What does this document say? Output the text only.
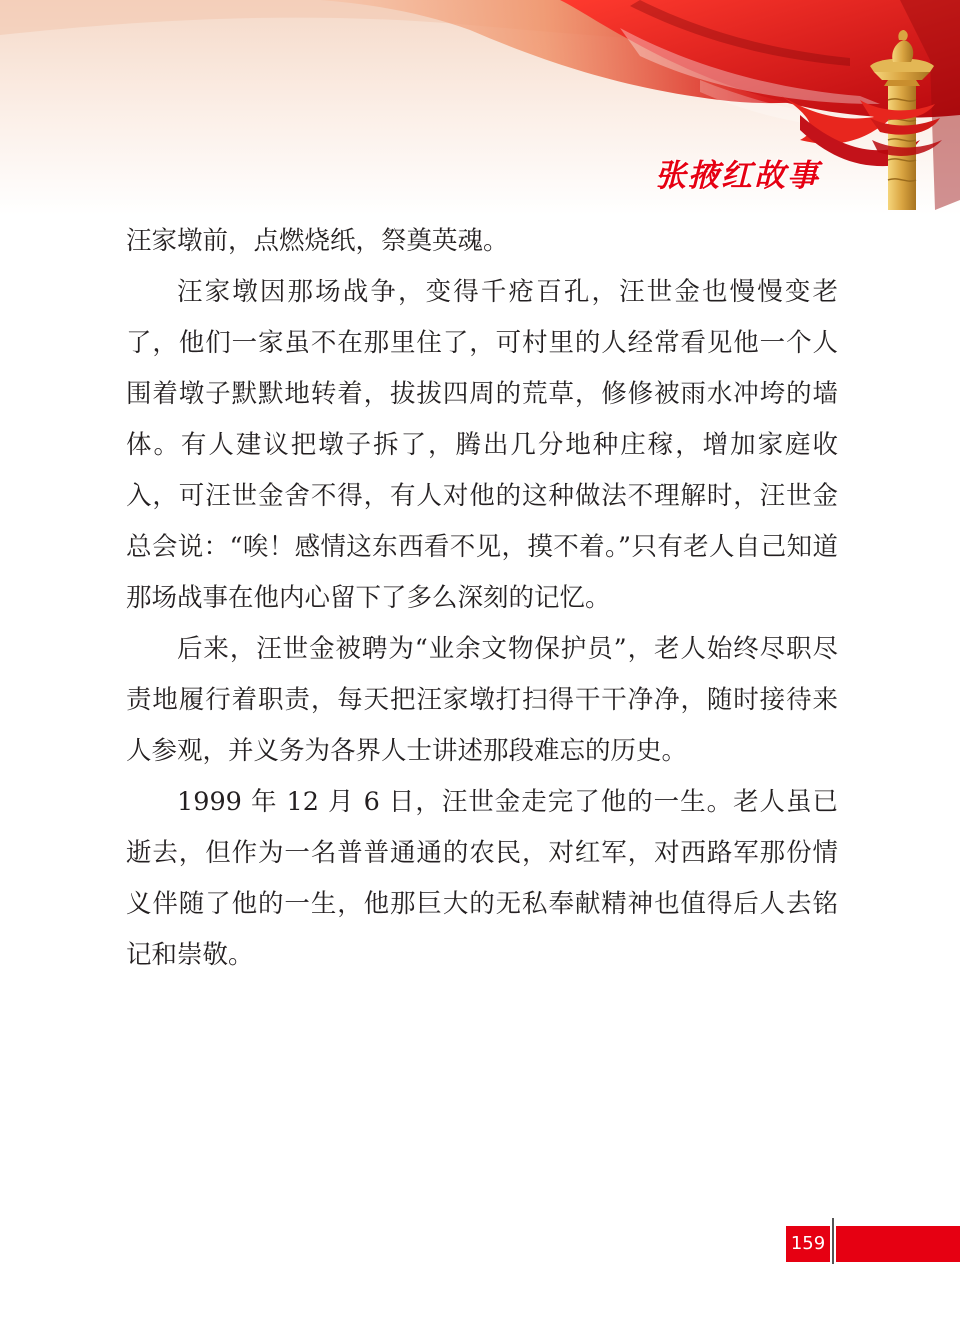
张掖红故事

汪家墩前，点燃烧纸，祭奠英魂。

汪家墩因那场战争，变得千疮百孔，汪世金也慢慢变老了，他们一家虽不在那里住了，可村里的人经常看见他一个人围着墩子默默地转着，拔拔四周的荒草，修修被雨水冲垮的墙体。有人建议把墩子拆了，腾出几分地种庄稼，增加家庭收入，可汪世金舍不得，有人对他的这种做法不理解时，汪世金总会说：“唉！感情这东西看不见，摸不着。”只有老人自己知道那场战事在他内心留下了多么深刻的记忆。

后来，汪世金被聘为“业余文物保护员”，老人始终尽职尽责地履行着职责，每天把汪家墩打扫得干干净净，随时接待来人参观，并义务为各界人士讲述那段难忘的历史。

1999 年 12 月 6 日，汪世金走完了他的一生。老人虽已逝去，但作为一名普普通通的农民，对红军，对西路军那份情义伴随了他的一生，他那巨大的无私奉献精神也值得后人去铭记和崇敬。

159
